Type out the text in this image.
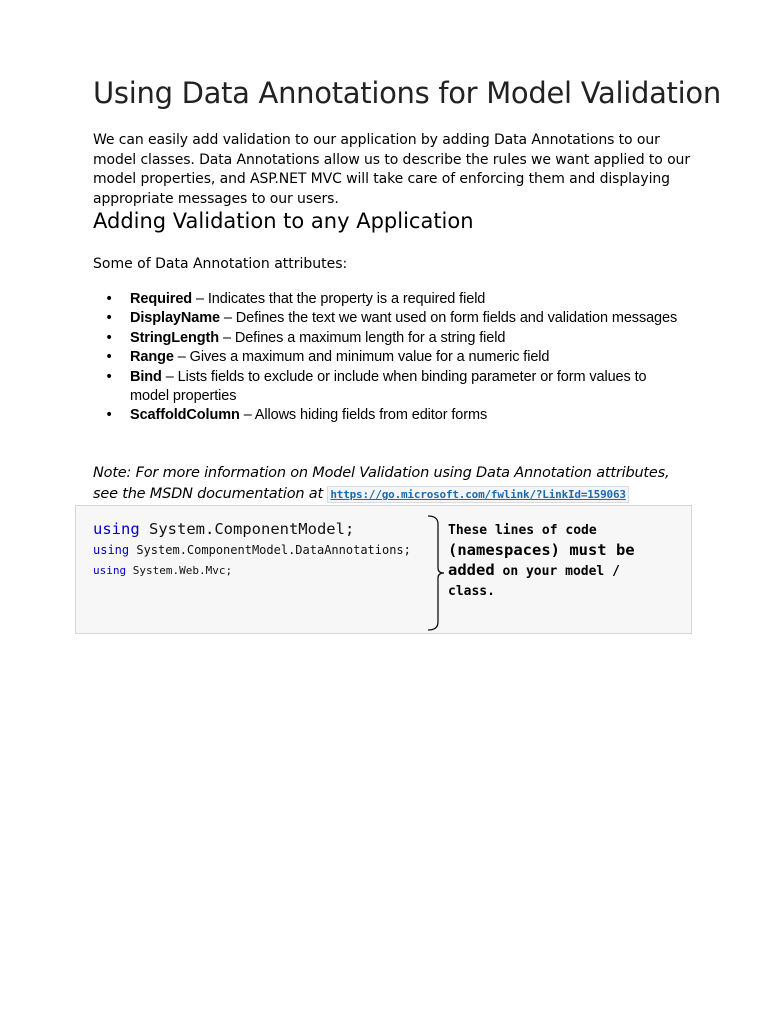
Using Data Annotations for Model Validation

We can easily add validation to our application by adding Data Annotations to our model classes. Data Annotations allow us to describe the rules we want applied to our model properties, and ASP.NET MVC will take care of enforcing them and displaying appropriate messages to our users.

Adding Validation to any Application

Some of Data Annotation attributes:

• Required – Indicates that the property is a required field
• DisplayName – Defines the text we want used on form fields and validation messages
• StringLength – Defines a maximum length for a string field
• Range – Gives a maximum and minimum value for a numeric field
• Bind – Lists fields to exclude or include when binding parameter or form values to model properties
• ScaffoldColumn – Allows hiding fields from editor forms

Note: For more information on Model Validation using Data Annotation attributes, see the MSDN documentation at https://go.microsoft.com/fwlink/?LinkId=159063

using System.ComponentModel;
using System.ComponentModel.DataAnnotations;
using System.Web.Mvc;
These lines of code
(namespaces) must be
added on your model /
class.
